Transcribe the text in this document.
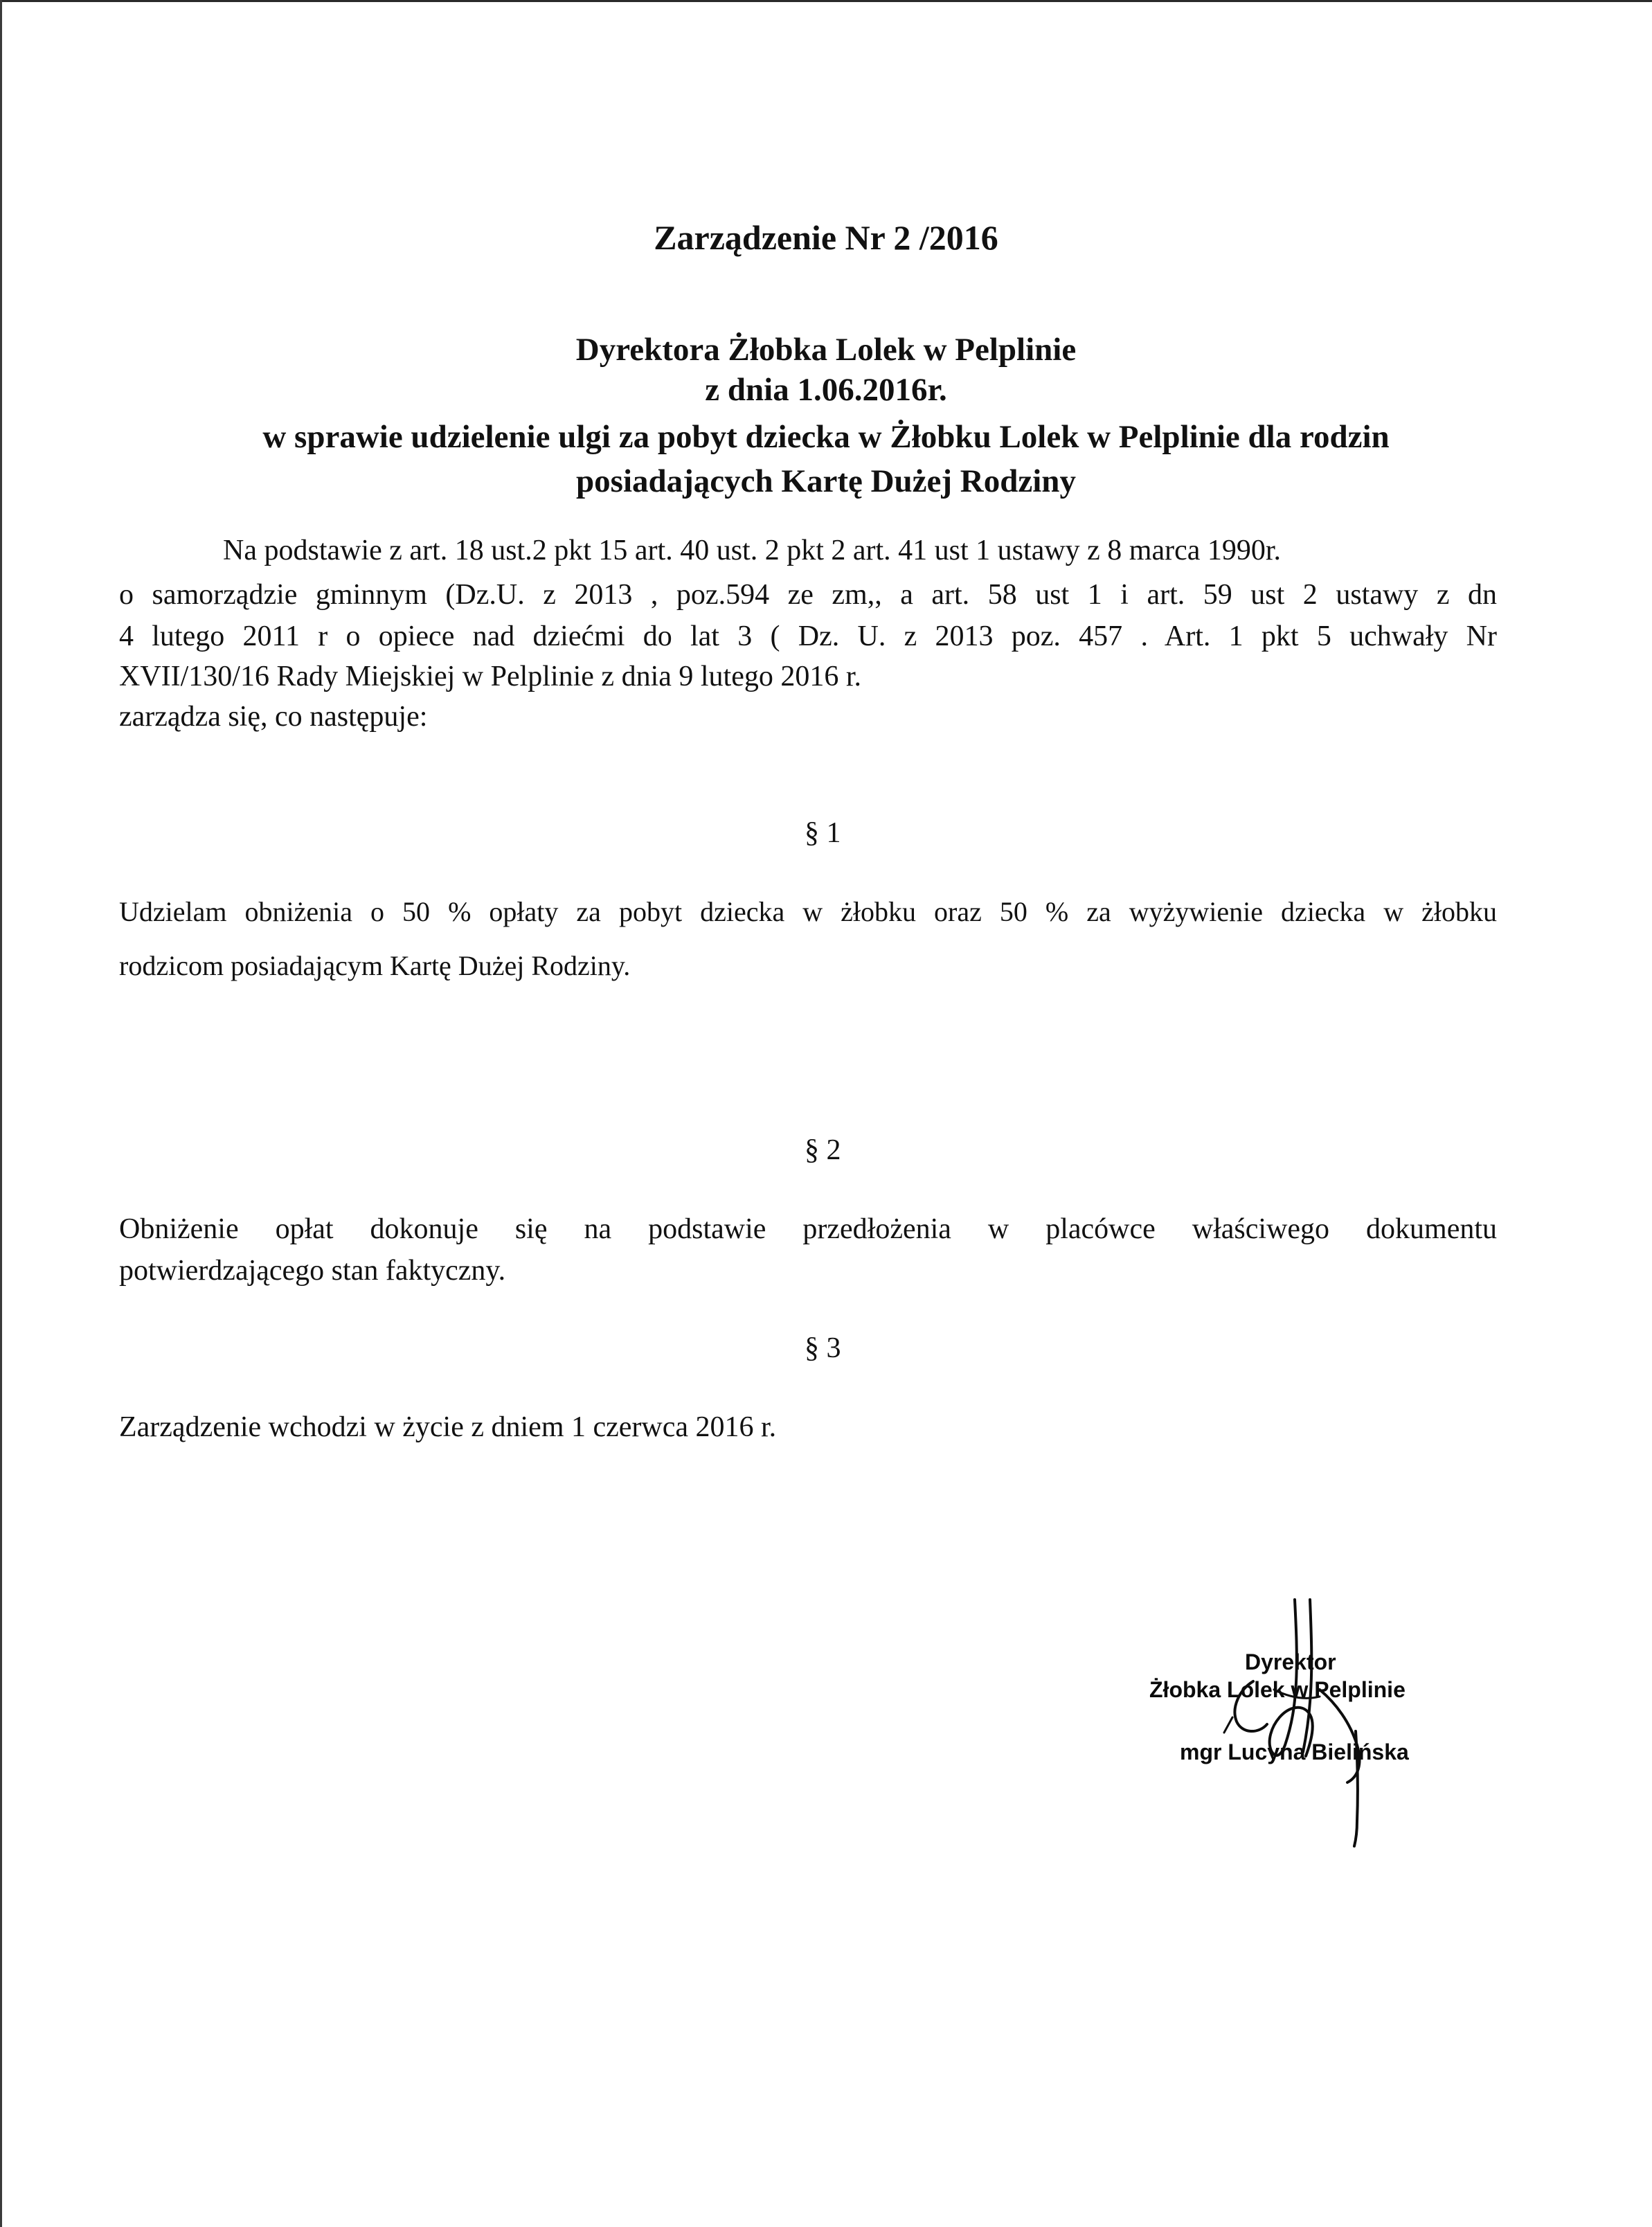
Zarządzenie Nr 2 /2016
Dyrektora Żłobka Lolek w Pelplinie
z dnia 1.06.2016r.
w sprawie udzielenie ulgi za pobyt dziecka w Żłobku Lolek w Pelplinie dla rodzin
posiadających Kartę Dużej Rodziny
Na podstawie z art. 18 ust.2 pkt 15 art. 40 ust. 2 pkt 2 art. 41 ust 1 ustawy z 8 marca 1990r.
o samorządzie gminnym (Dz.U. z 2013 , poz.594 ze zm,, a art. 58 ust 1 i art. 59 ust 2 ustawy z dn
4 lutego 2011 r o opiece nad dziećmi do lat 3 ( Dz. U. z 2013 poz. 457 . Art. 1 pkt 5 uchwały Nr
XVII/130/16 Rady Miejskiej w Pelplinie z dnia 9 lutego 2016 r.
zarządza się, co następuje:
§ 1
Udzielam obniżenia o 50 % opłaty za pobyt dziecka w żłobku oraz 50 % za wyżywienie dziecka w żłobku
rodzicom posiadającym Kartę Dużej Rodziny.
§ 2
Obniżenie opłat dokonuje się na podstawie przedłożenia w placówce właściwego dokumentu
potwierdzającego stan faktyczny.
§ 3
Zarządzenie wchodzi w życie z dniem 1 czerwca 2016 r.
Dyrektor
Żłobka Lolek w Pelplinie
mgr Lucyna Bielińska
